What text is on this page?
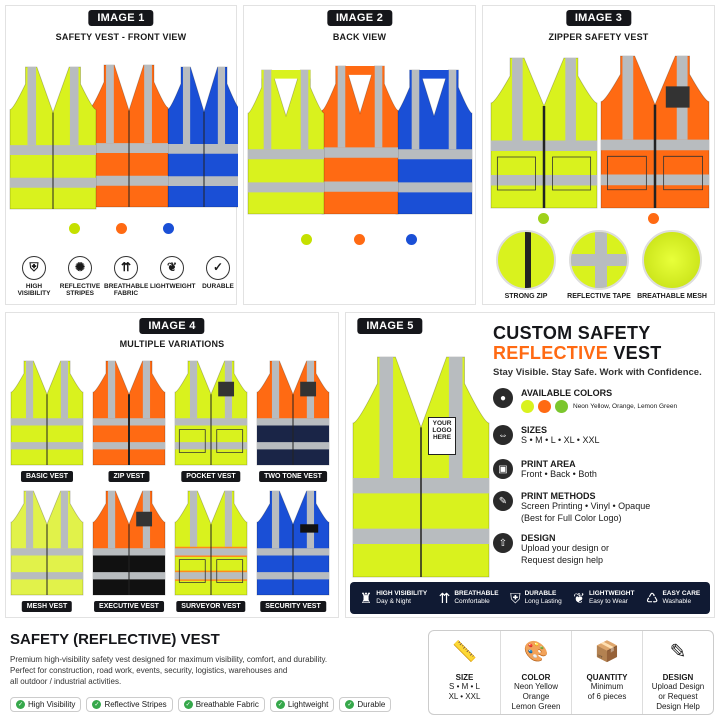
IMAGE 1
SAFETY VEST - FRONT VIEW
⛨
HIGH VISIBILITY
✺
REFLECTIVE STRIPES
⇈
BREATHABLE FABRIC
❦
LIGHTWEIGHT
✓
DURABLE
IMAGE 2
BACK VIEW
IMAGE 3
ZIPPER SAFETY VEST
STRONG ZIP	REFLECTIVE TAPE BREATHABLE MESH
IMAGE 4
MULTIPLE VARIATIONS
BASIC VEST	ZIP VEST	POCKET VEST	TWO TONE VEST
MESH VEST	EXECUTIVE VEST	SURVEYOR VEST	SECURITY VEST
IMAGE 5
YOUR LOGO HERE
CUSTOM SAFETY
REFLECTIVE VEST
Stay Visible. Stay Safe. Work with Confidence.
●	AVAILABLE COLORS
Neon Yellow, Orange, Lemon Green
⇔	SIZES
S • M • L • XL • XXL
▣	PRINT AREA
Front • Back • Both
✎	PRINT METHODS
Screen Printing • Vinyl • Opaque
(Best for Full Color Logo)
⇧	DESIGN
Upload your design or
Request design help
♜ HIGH VISIBILITY
Day & Night	⇈ BREATHABLE
Comfortable	⛨ DURABLE
Long Lasting ❦ LIGHTWEIGHT
Easy to Wear	♺ EASY CARE
Washable
SAFETY (REFLECTIVE) VEST
Premium high-visibility safety vest designed for maximum visibility, comfort, and durability.
Perfect for construction, road work, events, security, logistics, warehouses and
all outdoor / industrial activities.
✓ High Visibility	✓ Reflective Stripes	✓ Breathable Fabric	✓ Lightweight	✓ Durable
📏
SIZE
S • M • L
XL • XXL
🎨
COLOR
Neon Yellow
Orange
Lemon Green
📦
QUANTITY
Minimum
of 6 pieces
✎
DESIGN
Upload Design
or Request
Design Help
